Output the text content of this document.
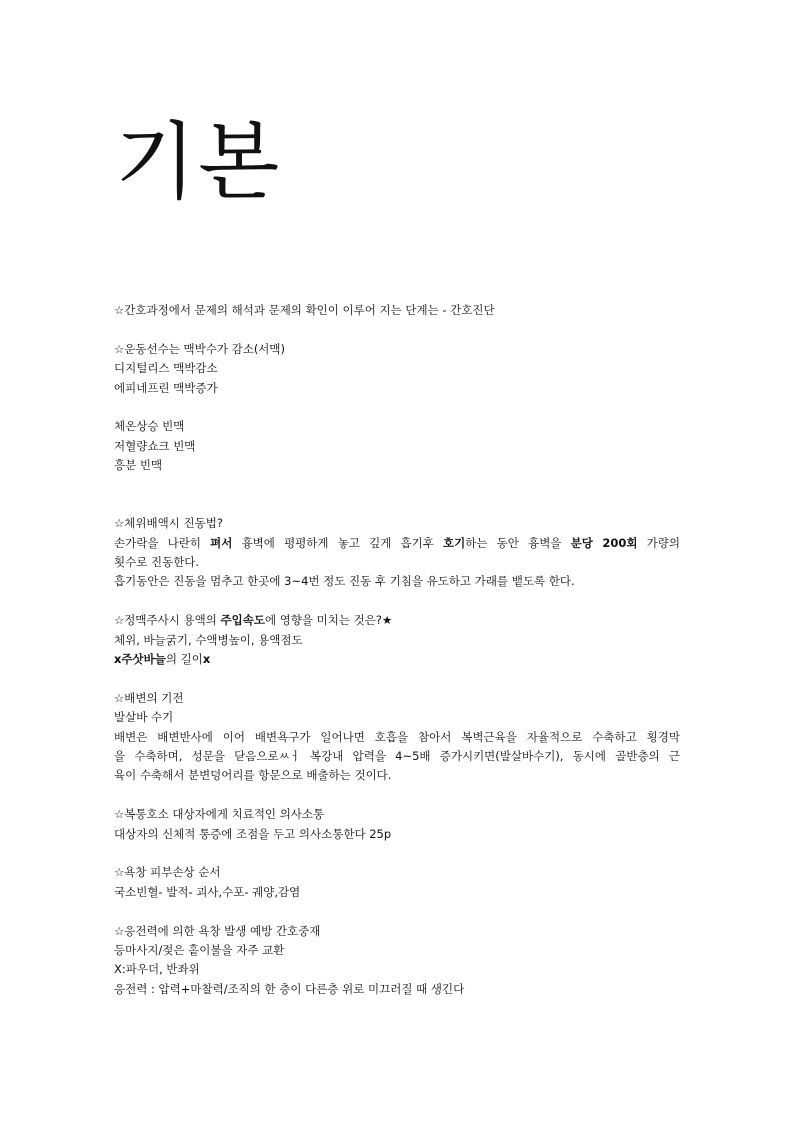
기본
☆간호과정에서 문제의 해석과 문제의 확인이 이루어 지는 단계는 - 간호진단
☆운동선수는 맥박수가 감소(서맥)
디지털리스 맥박감소
에피네프린 맥박증가
체온상승 빈맥
저혈량쇼크 빈맥
흥분 빈맥
☆체위배액시 진동법?
손가락을 나란히 펴서 흉벽에 평평하게 놓고 깊게 흡기후 호기하는 동안 흉벽을 분당 200회 가량의
횟수로 진동한다.
흡기동안은 진동을 멈추고 한곳에 3~4번 정도 진동 후 기침을 유도하고 가래를 뱉도록 한다.
☆정맥주사시 용액의 주입속도에 영향을 미치는 것은?★
체위, 바늘굵기, 수액병높이, 용액점도
x주삿바늘의 길이x
☆배변의 기전
발살바 수기
배변은 배변반사에 이어 배변욕구가 일어나면 호흡을 참아서 복벽근육을 자율적으로 수축하고 횡경막
을 수축하며, 성문을 닫음으로ㅆㅓ 복강내 압력을 4~5배 증가시키면(발살바수기), 동시에 골반층의 근
육이 수축해서 분변덩어리를 항문으로 배출하는 것이다.
☆복통호소 대상자에게 치료적인 의사소통
대상자의 신체적 통증에 조점을 두고 의사소통한다 25p
☆욕창 피부손상 순서
국소빈혈- 발적- 괴사,수포- 궤양,감염
☆응전력에 의한 욕창 발생 예방 간호중재
등마사지/젖은 홑이불을 자주 교환
X:파우더, 반좌위
응전력 : 압력+마찰력/조직의 한 층이 다른층 위로 미끄러질 때 생긴다
